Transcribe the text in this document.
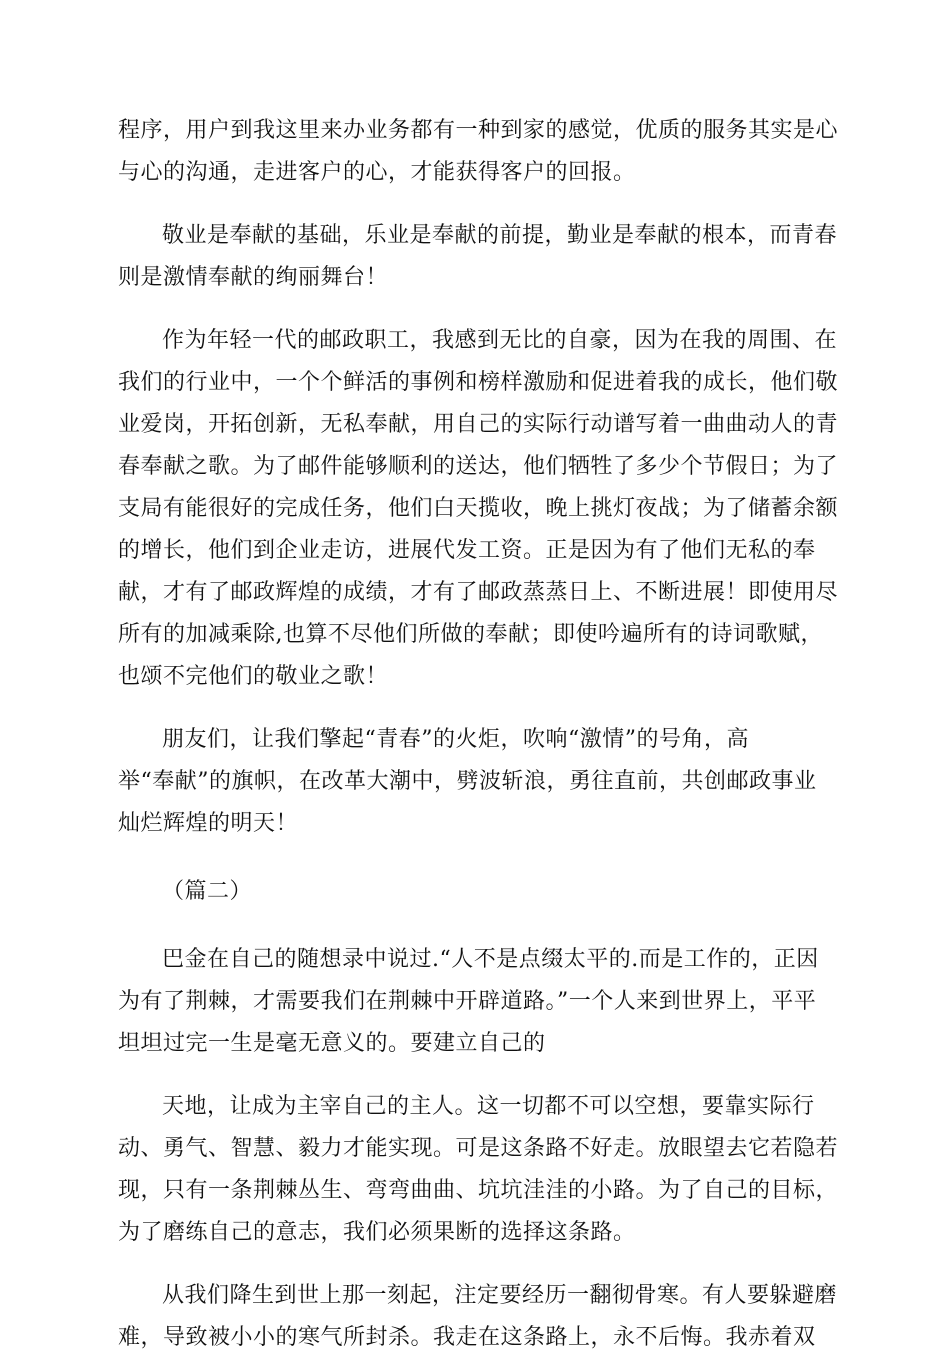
程序，用户到我这里来办业务都有一种到家的感觉，优质的服务其实是心
与心的沟通，走进客户的心，才能获得客户的回报。

敬业是奉献的基础，乐业是奉献的前提，勤业是奉献的根本，而青春
则是激情奉献的绚丽舞台！

作为年轻一代的邮政职工，我感到无比的自豪，因为在我的周围、在
我们的行业中，一个个鲜活的事例和榜样激励和促进着我的成长，他们敬
业爱岗，开拓创新，无私奉献，用自己的实际行动谱写着一曲曲动人的青
春奉献之歌。为了邮件能够顺利的送达，他们牺牲了多少个节假日；为了
支局有能很好的完成任务，他们白天揽收，晚上挑灯夜战；为了储蓄余额
的增长，他们到企业走访，进展代发工资。正是因为有了他们无私的奉
献，才有了邮政辉煌的成绩，才有了邮政蒸蒸日上、不断进展！即使用尽
所有的加减乘除,也算不尽他们所做的奉献；即使吟遍所有的诗词歌赋，
也颂不完他们的敬业之歌！

朋友们，让我们擎起“青春”的火炬，吹响“激情”的号角，高
举“奉献”的旗帜，在改革大潮中，劈波斩浪，勇往直前，共创邮政事业
灿烂辉煌的明天！

（篇二）

巴金在自己的随想录中说过.“人不是点缀太平的.而是工作的，正因
为有了荆棘，才需要我们在荆棘中开辟道路。”一个人来到世界上，平平
坦坦过完一生是毫无意义的。要建立自己的

天地，让成为主宰自己的主人。这一切都不可以空想，要靠实际行
动、勇气、智慧、毅力才能实现。可是这条路不好走。放眼望去它若隐若
现，只有一条荆棘丛生、弯弯曲曲、坑坑洼洼的小路。为了自己的目标，
为了磨练自己的意志，我们必须果断的选择这条路。

从我们降生到世上那一刻起，注定要经历一翻彻骨寒。有人要躲避磨
难，导致被小小的寒气所封杀。我走在这条路上，永不后悔。我赤着双
